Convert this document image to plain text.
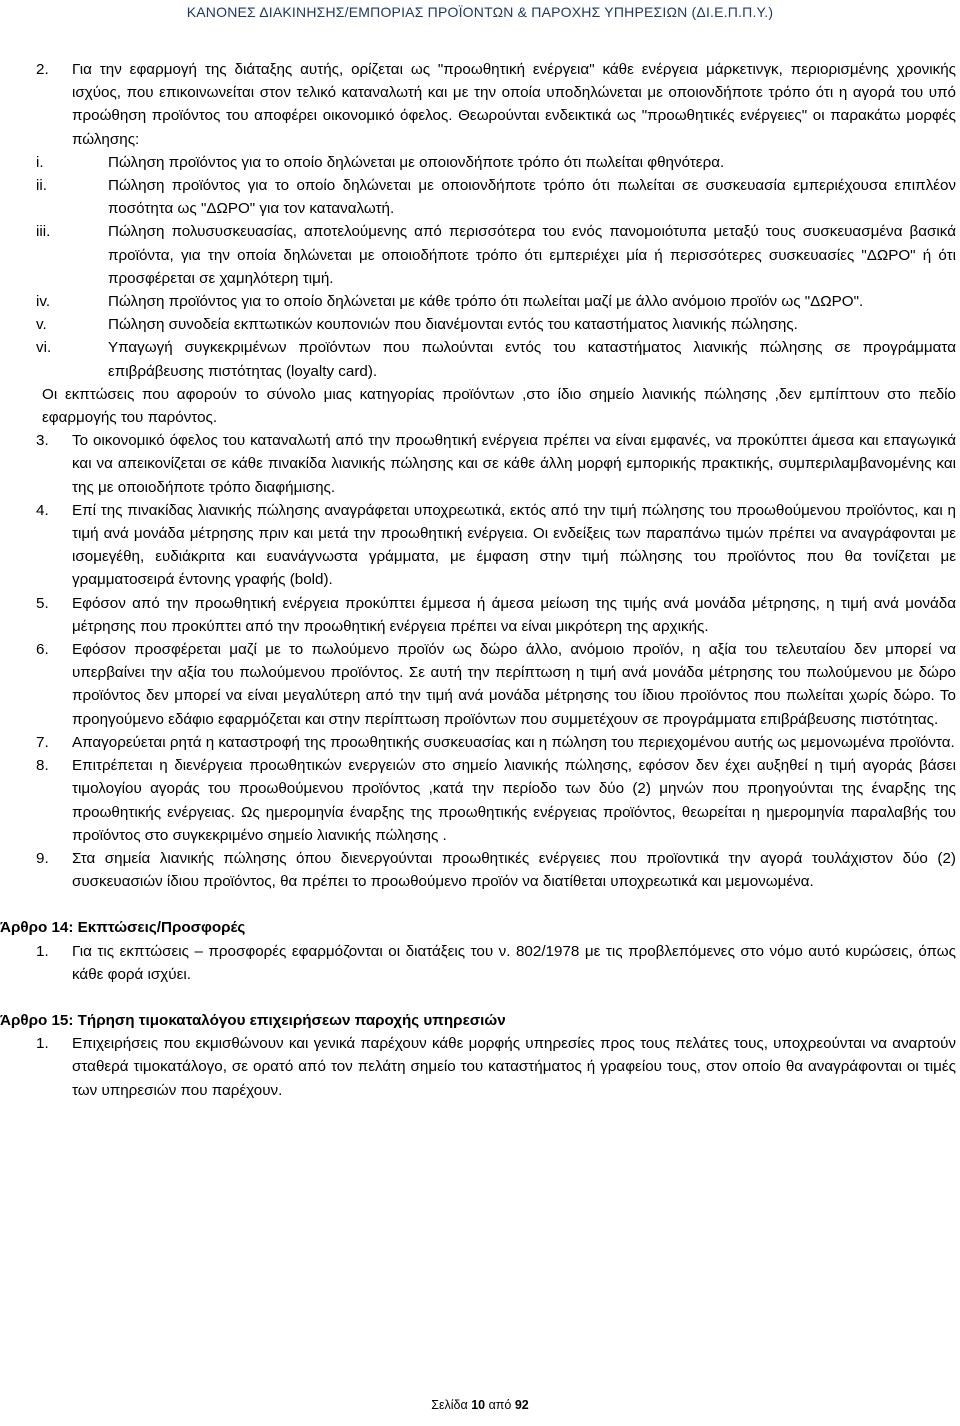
ΚΑΝΟΝΕΣ ΔΙΑΚΙΝΗΣΗΣ/ΕΜΠΟΡΙΑΣ ΠΡΟΪΟΝΤΩΝ & ΠΑΡΟΧΗΣ ΥΠΗΡΕΣΙΩΝ (ΔΙ.Ε.Π.Π.Υ.)
2.	Για την εφαρμογή της διάταξης αυτής, ορίζεται ως "προωθητική ενέργεια" κάθε ενέργεια μάρκετινγκ, περιορισμένης χρονικής ισχύος, που επικοινωνείται στον τελικό καταναλωτή και με την οποία υποδηλώνεται με οποιονδήποτε τρόπο ότι η αγορά του υπό προώθηση προϊόντος του αποφέρει οικονομικό όφελος. Θεωρούνται ενδεικτικά ως "προωθητικές ενέργειες" οι παρακάτω μορφές πώλησης:
i.	Πώληση προϊόντος για το οποίο δηλώνεται με οποιονδήποτε τρόπο ότι πωλείται φθηνότερα.
ii.	Πώληση προϊόντος για το οποίο δηλώνεται με οποιονδήποτε τρόπο ότι πωλείται σε συσκευασία εμπεριέχουσα επιπλέον ποσότητα ως "ΔΩΡΟ" για τον καταναλωτή.
iii.	Πώληση πολυσυσκευασίας, αποτελούμενης από περισσότερα του ενός πανομοιότυπα μεταξύ τους συσκευασμένα βασικά προϊόντα, για την οποία δηλώνεται με οποιοδήποτε τρόπο ότι εμπεριέχει μία ή περισσότερες συσκευασίες "ΔΩΡΟ" ή ότι προσφέρεται σε χαμηλότερη τιμή.
iv.	Πώληση προϊόντος για το οποίο δηλώνεται με κάθε τρόπο ότι πωλείται μαζί με άλλο ανόμοιο προϊόν ως "ΔΩΡΟ".
v.	Πώληση συνοδεία εκπτωτικών κουπονιών που διανέμονται εντός του καταστήματος λιανικής πώλησης.
vi.	Υπαγωγή συγκεκριμένων προϊόντων που πωλούνται εντός του καταστήματος λιανικής πώλησης σε προγράμματα επιβράβευσης πιστότητας (loyalty card).

Οι εκπτώσεις που αφορούν το σύνολο μιας κατηγορίας προϊόντων ,στο ίδιο σημείο λιανικής πώλησης ,δεν εμπίπτουν στο πεδίο εφαρμογής του παρόντος.

3.	Το οικονομικό όφελος του καταναλωτή από την προωθητική ενέργεια πρέπει να είναι εμφανές, να προκύπτει άμεσα και επαγωγικά και να απεικονίζεται σε κάθε πινακίδα λιανικής πώλησης και σε κάθε άλλη μορφή εμπορικής πρακτικής, συμπεριλαμβανομένης και της με οποιοδήποτε τρόπο διαφήμισης.
4.	Επί της πινακίδας λιανικής πώλησης αναγράφεται υποχρεωτικά, εκτός από την τιμή πώλησης του προωθούμενου προϊόντος, και η τιμή ανά μονάδα μέτρησης πριν και μετά την προωθητική ενέργεια. Οι ενδείξεις των παραπάνω τιμών πρέπει να αναγράφονται με ισομεγέθη, ευδιάκριτα και ευανάγνωστα γράμματα, με έμφαση στην τιμή πώλησης του προϊόντος που θα τονίζεται με γραμματοσειρά έντονης γραφής (bold).
5.	Εφόσον από την προωθητική ενέργεια προκύπτει έμμεσα ή άμεσα μείωση της τιμής ανά μονάδα μέτρησης, η τιμή ανά μονάδα μέτρησης που προκύπτει από την προωθητική ενέργεια πρέπει να είναι μικρότερη της αρχικής.
6.	Εφόσον προσφέρεται μαζί με το πωλούμενο προϊόν ως δώρο άλλο, ανόμοιο προϊόν, η αξία του τελευταίου δεν μπορεί να υπερβαίνει την αξία του πωλούμενου προϊόντος. Σε αυτή την περίπτωση η τιμή ανά μονάδα μέτρησης του πωλούμενου με δώρο προϊόντος δεν μπορεί να είναι μεγαλύτερη από την τιμή ανά μονάδα μέτρησης του ίδιου προϊόντος που πωλείται χωρίς δώρο. Το προηγούμενο εδάφιο εφαρμόζεται και στην περίπτωση προϊόντων που συμμετέχουν σε προγράμματα επιβράβευσης πιστότητας.
7.	Απαγορεύεται ρητά η καταστροφή της προωθητικής συσκευασίας και η πώληση του περιεχομένου αυτής ως μεμονωμένα προϊόντα.
8.	Επιτρέπεται η διενέργεια προωθητικών ενεργειών στο σημείο λιανικής πώλησης, εφόσον δεν έχει αυξηθεί η τιμή αγοράς βάσει τιμολογίου αγοράς του προωθούμενου προϊόντος ,κατά την περίοδο των δύο (2) μηνών που προηγούνται της έναρξης της προωθητικής ενέργειας. Ως ημερομηνία έναρξης της προωθητικής ενέργειας προϊόντος, θεωρείται η ημερομηνία παραλαβής του προϊόντος στο συγκεκριμένο σημείο λιανικής πώλησης .
9.	Στα σημεία λιανικής πώλησης όπου διενεργούνται προωθητικές ενέργειες που προϊοντικά την αγορά τουλάχιστον δύο (2) συσκευασιών ίδιου προϊόντος, θα πρέπει το προωθούμενο προϊόν να διατίθεται υποχρεωτικά και μεμονωμένα.
Άρθρο 14: Εκπτώσεις/Προσφορές
1.	Για τις εκπτώσεις – προσφορές εφαρμόζονται οι διατάξεις του ν. 802/1978 με τις προβλεπόμενες στο νόμο αυτό κυρώσεις, όπως κάθε φορά ισχύει.
Άρθρο 15: Τήρηση τιμοκαταλόγου επιχειρήσεων παροχής υπηρεσιών
1.	Επιχειρήσεις που εκμισθώνουν και γενικά παρέχουν κάθε μορφής υπηρεσίες προς τους πελάτες τους, υποχρεούνται να αναρτούν σταθερά τιμοκατάλογο, σε ορατό από τον πελάτη σημείο του καταστήματος ή γραφείου τους, στον οποίο θα αναγράφονται οι τιμές των υπηρεσιών που παρέχουν.
Σελίδα 10 από 92
